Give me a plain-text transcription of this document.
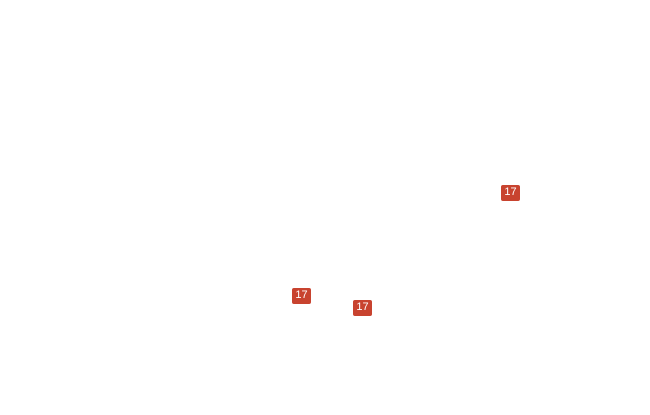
17
17
17
